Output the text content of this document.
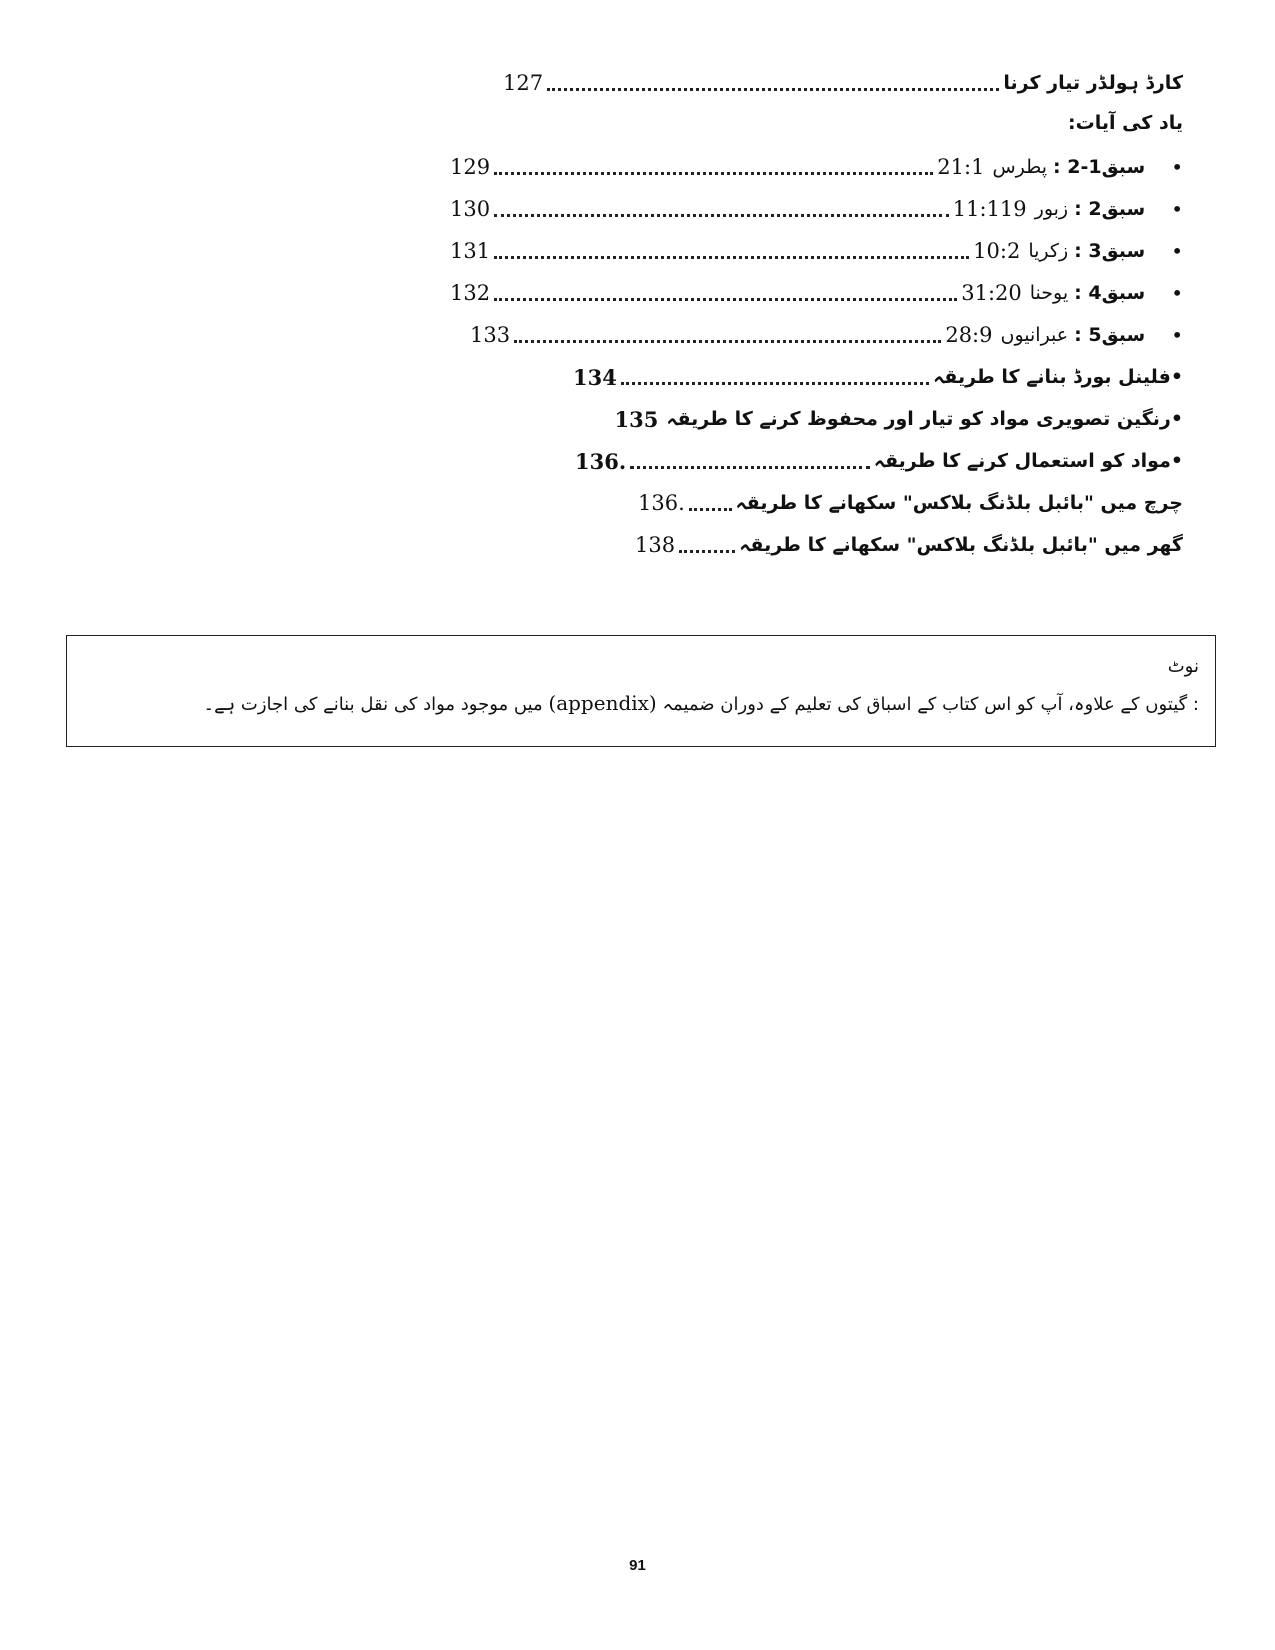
کارڈ ہولڈر تیار کرنا
127
یاد کی آیات:
•
سبق1-2 : پطرس
21:1
129
•
سبق2 : زبور
11:119
130
•
سبق3 : زکریا
10:2
131
•
سبق4 : یوحنا
31:20
132
•
سبق5 : عبرانیوں
28:9
133
•فلینل بورڈ بنانے کا طریقہ
134
•رنگین تصویری مواد کو تیار اور محفوظ کرنے کا طریقہ
135
•مواد کو استعمال کرنے کا طریقہ
136.
چرچ میں "بائبل بلڈنگ بلاکس" سکھانے کا طریقہ
136.
گھر میں "بائبل بلڈنگ بلاکس" سکھانے کا طریقہ
138
نوٹ
: گیتوں کے علاوہ، آپ کو اس کتاب کے اسباق کی تعلیم کے دوران ضمیمہ (appendix) میں موجود مواد کی نقل بنانے کی اجازت ہے۔
91
